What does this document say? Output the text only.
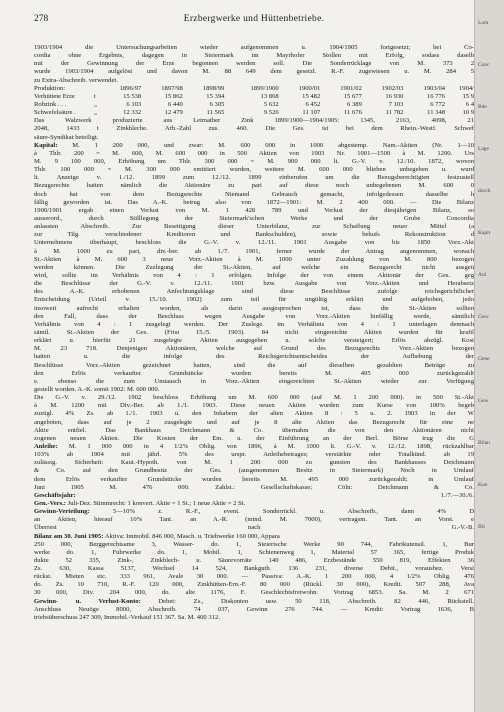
278	Erzbergwerke und Hüttenbetriebe.
1903/1904 die Untersuchungsarbeiten wieder aufgenommen u. 1904/1905 fortgesetzt; bei Co-
cordia ohne Ergebnis, dagegen in Steiermark im Mayrhofer Stollen mit Erfolg, sodass daselb
mit der Gewinnung der Erze begonnen werden soll. Die Sonderrücklage von M. 373 2
wurde 1903/1904 aufgelöst und davon M. 88 649 dem gesetzl. R.-F. zugewiesen u. M. 284 5
zu Extra-Abschreib. verwendet.
Produktion:		1896/97	1897/98	1898/99	1899/1900	1900/01	1901/02	1902/03	1903/04	1904/
Verhüttete Erze	t	15 538	15 862	15 394	13 868	15 482	15 677	16 930	16 776	15 9
Rohzink . . .	„	6 103	6 440	6 305	5 632	6 452	6 389	7 103	6 772	6 4
Schwefelsäure .	„	12 332	12 479	11 565	9 526	11 107	11 676	11 782	11 348	10 9
Das Walzwerk produzierte aus Letmather Zink 1899/1900—1904/1905: 1345, 2163, 4098, 21
2048, 1433 t Zinkbleche. Arb.-Zahl zus. 460. Die Ges. ist bei dem Rhein.-Westf. Schwef
säure-Syndikat beteiligt.
Kapital: M. 1 200 000, und zwar: M. 600 000 in 1000 abgestemp. Nam.-Aktien (Nr. 1—10
à Thlr. 200 = M. 600, M. 600 000 in 500 Aktien von 1903 Nr. 1001—1500 à M. 1200. Urs
M. 9 100 000, Erhöhung um Thlr. 300 000 = M. 900 000 lt. G.-V. v. 12./10. 1872, wovon
Thlr. 100 000 = M. 300 000 emittiert wurden, weitere M. 600 000 blieben unbegeben u. wurd
lt. Anzeige v. 1./12. 1899 zum 12./12. 1899 einberufen um die Bezugsberechtigten festzustell
Bezugsrechte hatten nämlich die Aktionäre zu pari auf diese noch unbegebenen M. 600 0
doch hat von dem Bezugsrechte Niemand Gebrauch gemacht, infolgedessen dasselbe h
fällig geworden ist. Das A.-K. betrug also von 1872—1901: M. 2 400 000. — Die Bilanz
1900/1901 ergab einen Verlust von M. 1 428 789 und Verlust der diesjährigen Bilanz, so
ausserord., durch Stilllegung der Steiermark'schen Werke und der Grube Concordia
anlassten Abschreib. Zur Beseitigung dieser Unterbilanz, zur Schaffung neuer Mittel (a
zur Tilg. verschiedener Kreditoren und Bankschulden), sowie behufs Rekonstruktion d
Unternehmens überhaupt, beschloss die G.-V. v. 12./11. 1901 Ausgabe von bis 1850 Vorz.-Akt
à M. 1000 zu pari, div.-ber. ab 1./7. 1901, ferner wurde der Antrag angenommen, wonach
St.-Aktien à M. 600 3 neue Vorz.-Aktien à M. 1000 unter Zuzahlung von M. 800 bezogen
werden können. Die Zuzlegung der St.-Aktien, auf welche ein Bezugsrecht nicht ausgeü
wird, sollte im Verhältnis von 4 : 1 erfolgen. Infolge der von einem Aktionär der Ges. geg
die Beschlüsse der G.-V. v. 12./11. 1901 bzw. Ausgabe von Vorz.-Aktien und Herabsetz
des A.-K. erhobenen Anfechtungsklage sind diese Beschlüsse zufolge reichsgerichtlicher
Entscheidung (Urteil v. 15./10. 1902) zum teil für ungültig erklärt und aufgehoben, jedo
insoweit aufrecht erhalten worden, als darin ausgesprochen ist, dass die St.-Aktien sollten
den Fall, dass der Beschluss wegen Ausgabe von Vorz.-Aktien hinfällig werde, sämtlich
Verhältnis von 4 : 1 zusgelegt werden. Der Zuslege. im Verhältnis von 4 : 1 unterlagen demnach
sämtl. St.-Aktien der Ges. (Frist 15./5. 1903). 84 nicht eingereichte Aktien wurden für kraftl
erklärt u. hierfür 21 zusgelegte Aktien ausgegeben u. solche versteigert; Erlös abzügl. Kost
M. 23 718. Denjenigen Aktionären, welche auf Grund des Bezugsrechts Vorz.-Aktien bezogen
hatten u. die infolge des Reichsgerichtsentscheides der Aufhebung der
Beschlüsse Vorz.-Aktien gezeichnet hatten, sind die auf dieselben gezahlten Beträge zu
den Erlös verkaufter Grundstücke wurden bereits M. 495 000 zurückgezahlt
e. ebenso die zum Umtausch in Vorz.-Aktien eingereichten St.-Aktien wieder zur Verfügung
gestellt worden. A.-K. somit 1902: M. 600 000.
Die G.-V. v. 29./12. 1902 beschloss Erhöhung um M. 600 000 (auf M. 1 200 000). in 500 St.-Akt
à M. 1200 mit Div.-Ber. ab 1./1. 1903. Diese neuen Aktien wurden zum Kurse von 100% begeb
zuzügl. 4% Zs. ab 1./1. 1903 u. den Inhabern der alten Aktien 8 : 5 u. 2. 1903 in der W
angeboten, dass auf je 2 zusgelegte und auf je 8 alte Aktien das Bezugsrecht für eine ne
Aktie entfiel. Das Bankhaus Deichmann & Co. übernahm die von den Aktionären nicht
zogenen neuen Aktien. Die Kosten der Em. u. der Einführung an der Berl. Börse trug die G
Anleihe: M. 1 000 000 in 4 1/2% Oblig. von 1896, à M. 1000 lt. G.-V. v. 12./12. 1898, rückzahlbar
103% ab 1904 mit jährl. 5% des urspr. Anleihebetrages; verstärkte oder Totalkünd. ab 19
zulässig. Sicherheit: Kaut.-Hypoth. von M. 1 200 000 zu gunsten des Bankhauses Deichmann
& Co. auf den Grundbesitz der Ges. (ausgenommen Besitz in Steiermark) Noch in Umlauf
dem Erlös verkaufter Grundstücke wurden bereits M. 495 000 zurückgezahlt; in Umlauf
Juni 1905 M. 476 000. Zahlst.: Gesellschaftskasse; Cöln: Deichmann & Co.
Geschäftsjahr: 1./7.—30./6.
Gen.-Vers.: Juli-Dez. Stimmrecht: 1 konvert. Aktie = 1 St.; 1 neue Aktie = 2 St.
Gewinn-Verteilung: 5—10% z. R.-F., event. Sonderrückl. u. Abschreib., dann 4% D
an Aktien, hierauf 10% Tant. an A.-R. (mind. M. 7000), vertragsm. Tant. an Vorst. e
Überrest nach G.-V.-B.
Bilanz am 30. Juni 1905: Aktiva: Immobil. 846 000, Masch. u. Triebwerke 160 000, Appara
250 000, Berggerechtsame 3, Wasser- do. 1, Steierische Werke 90 744, Fabrikutensil. 1, Bur
werke do. 1, Fuhrwerke do. 1, Mobil. 1, Schienenweg 1, Material 57 365, fertige Produk
dukte 52 335, Zink-, Zinkblech- u. Säurevorräte 140 486, Erzbestände 550 819, Effekten 36
Zs. 630, Kassa 5137, Wechsel 14 524, Bankguth. 136 231, diverse Debit., vorausbez. Versi
rückst. Mieten etc. 333 961, Avale 30 000. — Passiva: A.-K. 1 200 000, 4 1/2% Oblig. 476
do. Zs. 10 710, R.-F. 120 000, Zinkhütten-Ern.-F. 80 000 (Rückl. 30 000), Kredit. 507 288, Ava
30 000, Div. 204 000, do. alte 1176, F. Geschlechtsfreiwohn. Vortrag 6853. Sa. M. 2 671
Gewinn- u. Verlust-Konto: Debet: Zs., Diskonten usw. 50 118, Abschreib. 82 446, Rückstell.
Anschluss Neuöge 8000, Abschreib. 74 037, Gewinn 276 744. — Kredit: Vortrag 1636, B
triebsüberschuss 247 309, Immobil.-Verkauf 151 367. Sa. M. 400 312.
Lom
Conc
Bde
Lage
durch
Kapit
Anl
Gesc
Gene
Gew
Bilan
Kun
Bil
